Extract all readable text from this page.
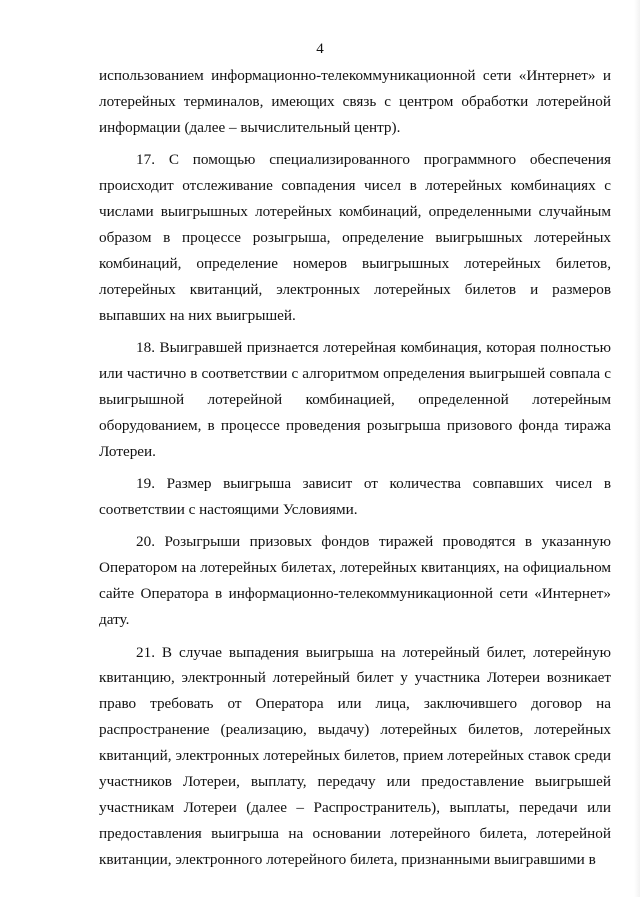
4

использованием информационно-телекоммуникационной сети «Интернет» и лотерейных терминалов, имеющих связь с центром обработки лотерейной информации (далее – вычислительный центр).

17. С помощью специализированного программного обеспечения происходит отслеживание совпадения чисел в лотерейных комбинациях с числами выигрышных лотерейных комбинаций, определенными случайным образом в процессе розыгрыша, определение выигрышных лотерейных комбинаций, определение номеров выигрышных лотерейных билетов, лотерейных квитанций, электронных лотерейных билетов и размеров выпавших на них выигрышей.

18. Выигравшей признается лотерейная комбинация, которая полностью или частично в соответствии с алгоритмом определения выигрышей совпала с выигрышной лотерейной комбинацией, определенной лотерейным оборудованием, в процессе проведения розыгрыша призового фонда тиража Лотереи.

19. Размер выигрыша зависит от количества совпавших чисел в соответствии с настоящими Условиями.

20. Розыгрыши призовых фондов тиражей проводятся в указанную Оператором на лотерейных билетах, лотерейных квитанциях, на официальном сайте Оператора в информационно-телекоммуникационной сети «Интернет» дату.

21. В случае выпадения выигрыша на лотерейный билет, лотерейную квитанцию, электронный лотерейный билет у участника Лотереи возникает право требовать от Оператора или лица, заключившего договор на распространение (реализацию, выдачу) лотерейных билетов, лотерейных квитанций, электронных лотерейных билетов, прием лотерейных ставок среди участников Лотереи, выплату, передачу или предоставление выигрышей участникам Лотереи (далее – Распространитель), выплаты, передачи или предоставления выигрыша на основании лотерейного билета, лотерейной квитанции, электронного лотерейного билета, признанными выигравшими в
